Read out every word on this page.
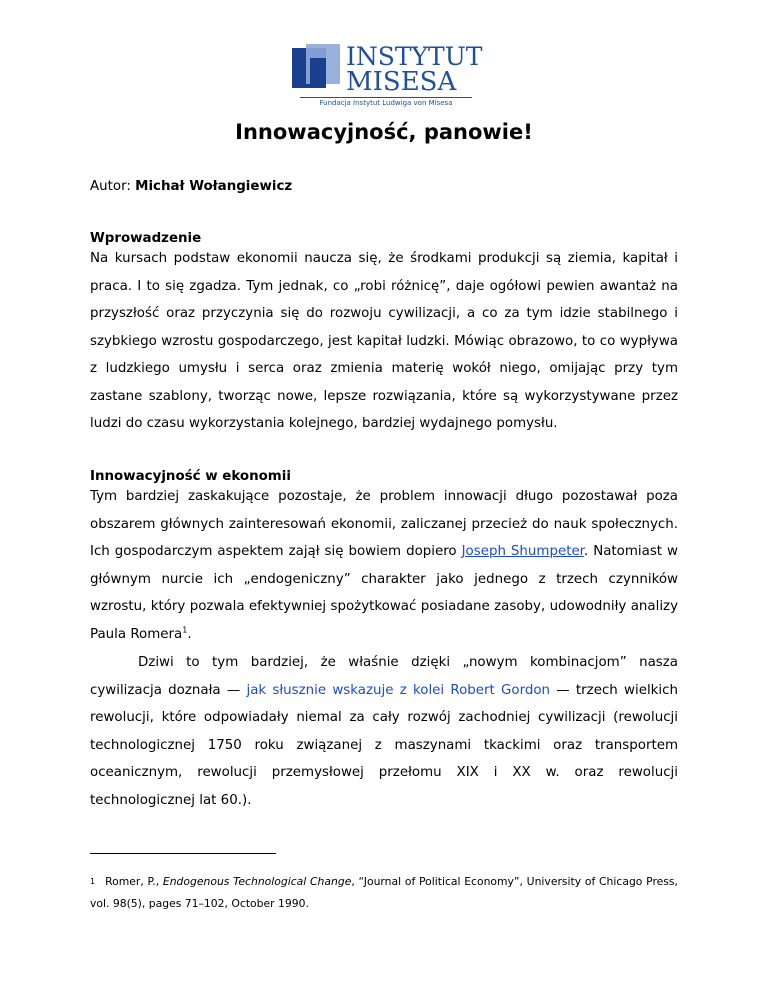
INSTYTUT
MISESA
Fundacja Instytut Ludwiga von Misesa
Innowacyjność, panowie!
Autor: Michał Wołangiewicz
Wprowadzenie
Na kursach podstaw ekonomii naucza się, że środkami produkcji są ziemia, kapitał i praca. I to się zgadza. Tym jednak, co „robi różnicę”, daje ogółowi pewien awantaż na przyszłość oraz przyczynia się do rozwoju cywilizacji, a co za tym idzie stabilnego i szybkiego wzrostu gospodarczego, jest kapitał ludzki. Mówiąc obrazowo, to co wypływa z ludzkiego umysłu i serca oraz zmienia materię wokół niego, omijając przy tym zastane szablony, tworząc nowe, lepsze rozwiązania, które są wykorzystywane przez ludzi do czasu wykorzystania kolejnego, bardziej wydajnego pomysłu.
Innowacyjność w ekonomii
Tym bardziej zaskakujące pozostaje, że problem innowacji długo pozostawał poza obszarem głównych zainteresowań ekonomii, zaliczanej przecież do nauk społecznych. Ich gospodarczym aspektem zajął się bowiem dopiero Joseph Shumpeter. Natomiast w głównym nurcie ich „endogeniczny” charakter jako jednego z trzech czynników wzrostu, który pozwala efektywniej spożytkować posiadane zasoby, udowodniły analizy Paula Romera$^1$.
Dziwi to tym bardziej, że właśnie dzięki „nowym kombinacjom” nasza cywilizacja doznała — jak słusznie wskazuje z kolei Robert Gordon — trzech wielkich rewolucji, które odpowiadały niemal za cały rozwój zachodniej cywilizacji (rewolucji technologicznej 1750 roku związanej z maszynami tkackimi oraz transportem oceanicznym, rewolucji przemysłowej przełomu XIX i XX w. oraz rewolucji technologicznej lat 60.).
$^1$ Romer, P., Endogenous Technological Change, “Journal of Political Economy”, University of Chicago Press, vol. 98(5), pages 71–102, October 1990.
